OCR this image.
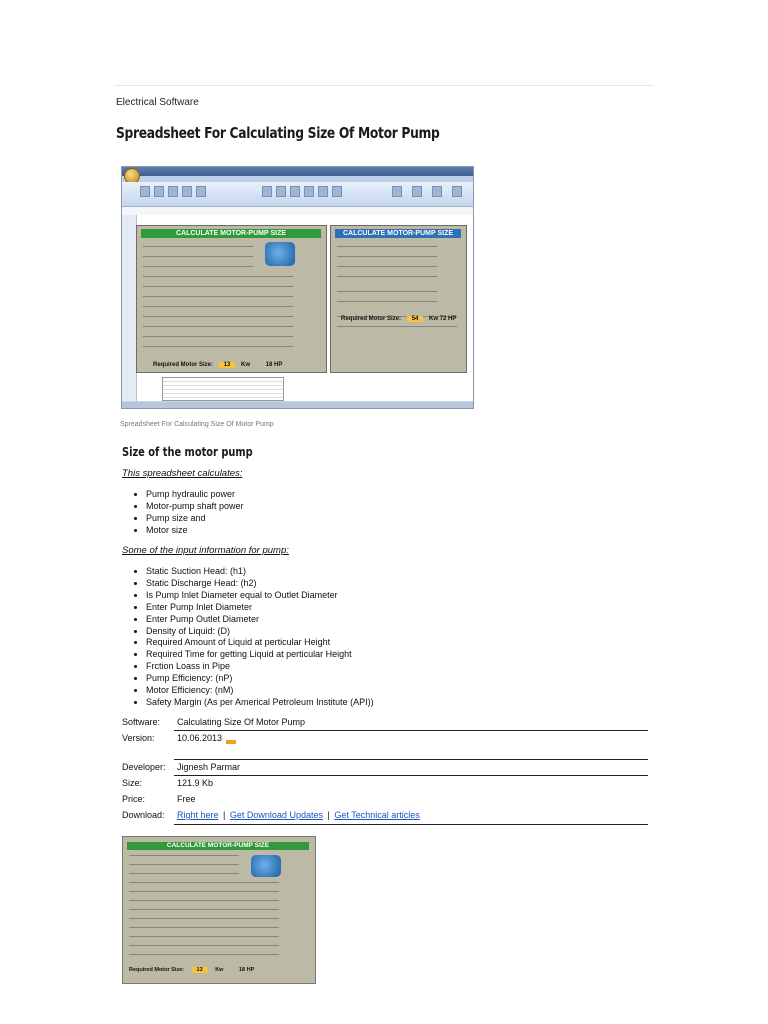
Electrical Software
Spreadsheet For Calculating Size Of Motor Pump
CALCULATE MOTOR-PUMP SIZE
Required Motor Size: 13 Kw	18 HP
CALCULATE MOTOR-PUMP SIZE
Required Motor Size: 54 Kw 72 HP
Spreadsheet For Calculating Size Of Motor Pump
Size of the motor pump
This spreadsheet calculates:
• Pump hydraulic power
• Motor-pump shaft power
• Pump size and
• Motor size
Some of the input information for pump:
• Static Suction Head: (h1)
• Static Discharge Head: (h2)
• Is Pump Inlet Diameter equal to Outlet Diameter
• Enter Pump Inlet Diameter
• Enter Pump Outlet Diameter
• Density of Liquid: (D)
• Required Amount of Liquid at perticular Height
• Required Time for getting Liquid at perticular Height
• Frction Loass in Pipe
• Pump Efficiency: (nP)
• Motor Efficiency: (nM)
• Safety Margin (As per Americal Petroleum Institute (API))
Software:	Calculating Size Of Motor Pump
Version:	10.06.2013
Developer:	Jignesh Parmar
Size:	121.9 Kb
Price:	Free
Download:	Right here | Get Download Updates | Get Technical articles
CALCULATE MOTOR-PUMP SIZE
Required Motor Size: 13 Kw	18 HP
